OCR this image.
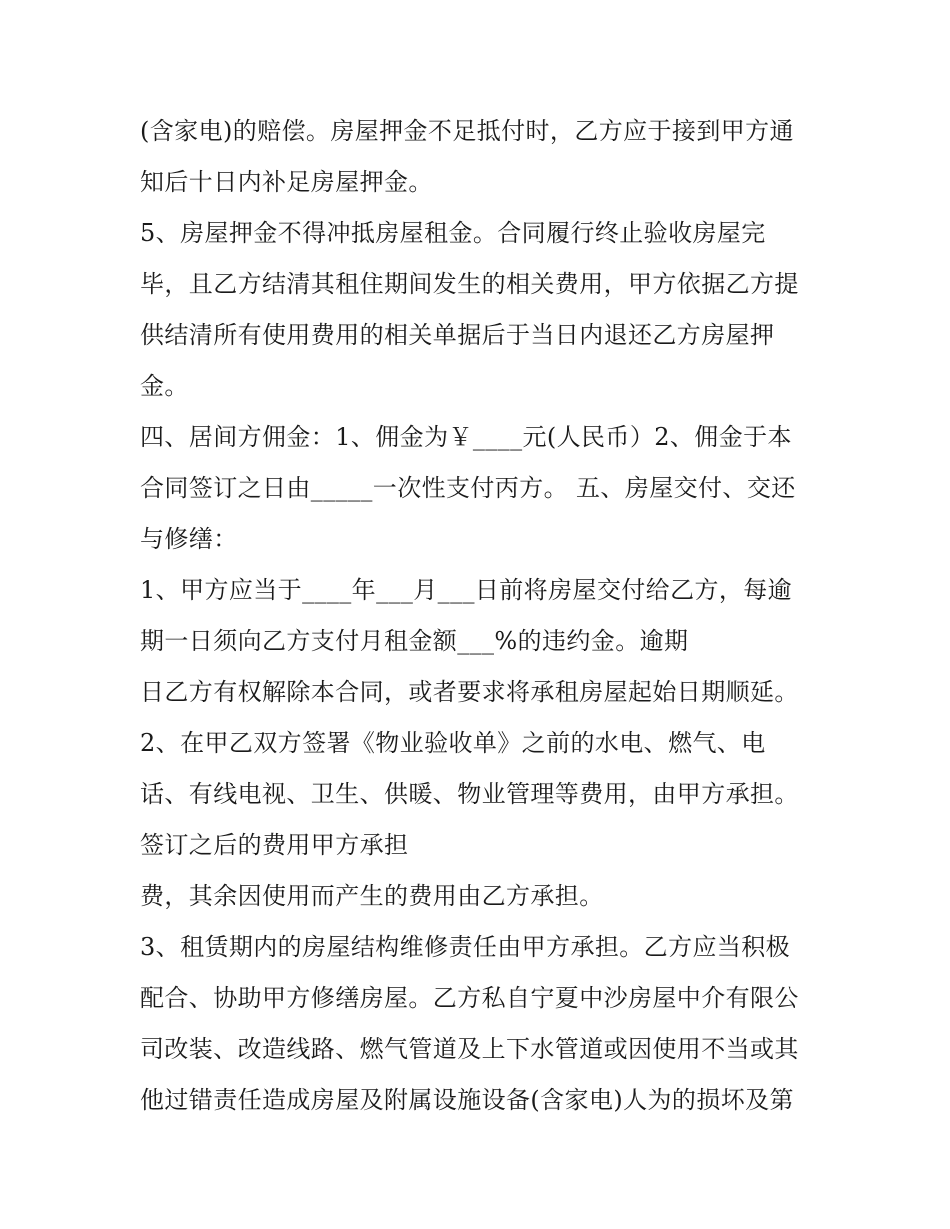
(含家电)的赔偿。房屋押金不足抵付时，乙方应于接到甲方通
知后十日内补足房屋押金。
5、房屋押金不得冲抵房屋租金。合同履行终止验收房屋完
毕，且乙方结清其租住期间发生的相关费用，甲方依据乙方提
供结清所有使用费用的相关单据后于当日内退还乙方房屋押
金。
四、居间方佣金：1、佣金为￥____元(人民币）2、佣金于本
合同签订之日由_____一次性支付丙方。 五、房屋交付、交还
与修缮：
1、甲方应当于____年___月___日前将房屋交付给乙方，每逾
期一日须向乙方支付月租金额___%的违约金。逾期
日乙方有权解除本合同，或者要求将承租房屋起始日期顺延。
2、在甲乙双方签署《物业验收单》之前的水电、燃气、电
话、有线电视、卫生、供暖、物业管理等费用，由甲方承担。
签订之后的费用甲方承担
费，其余因使用而产生的费用由乙方承担。
3、租赁期内的房屋结构维修责任由甲方承担。乙方应当积极
配合、协助甲方修缮房屋。乙方私自宁夏中沙房屋中介有限公
司改装、改造线路、燃气管道及上下水管道或因使用不当或其
他过错责任造成房屋及附属设施设备(含家电)人为的损坏及第
